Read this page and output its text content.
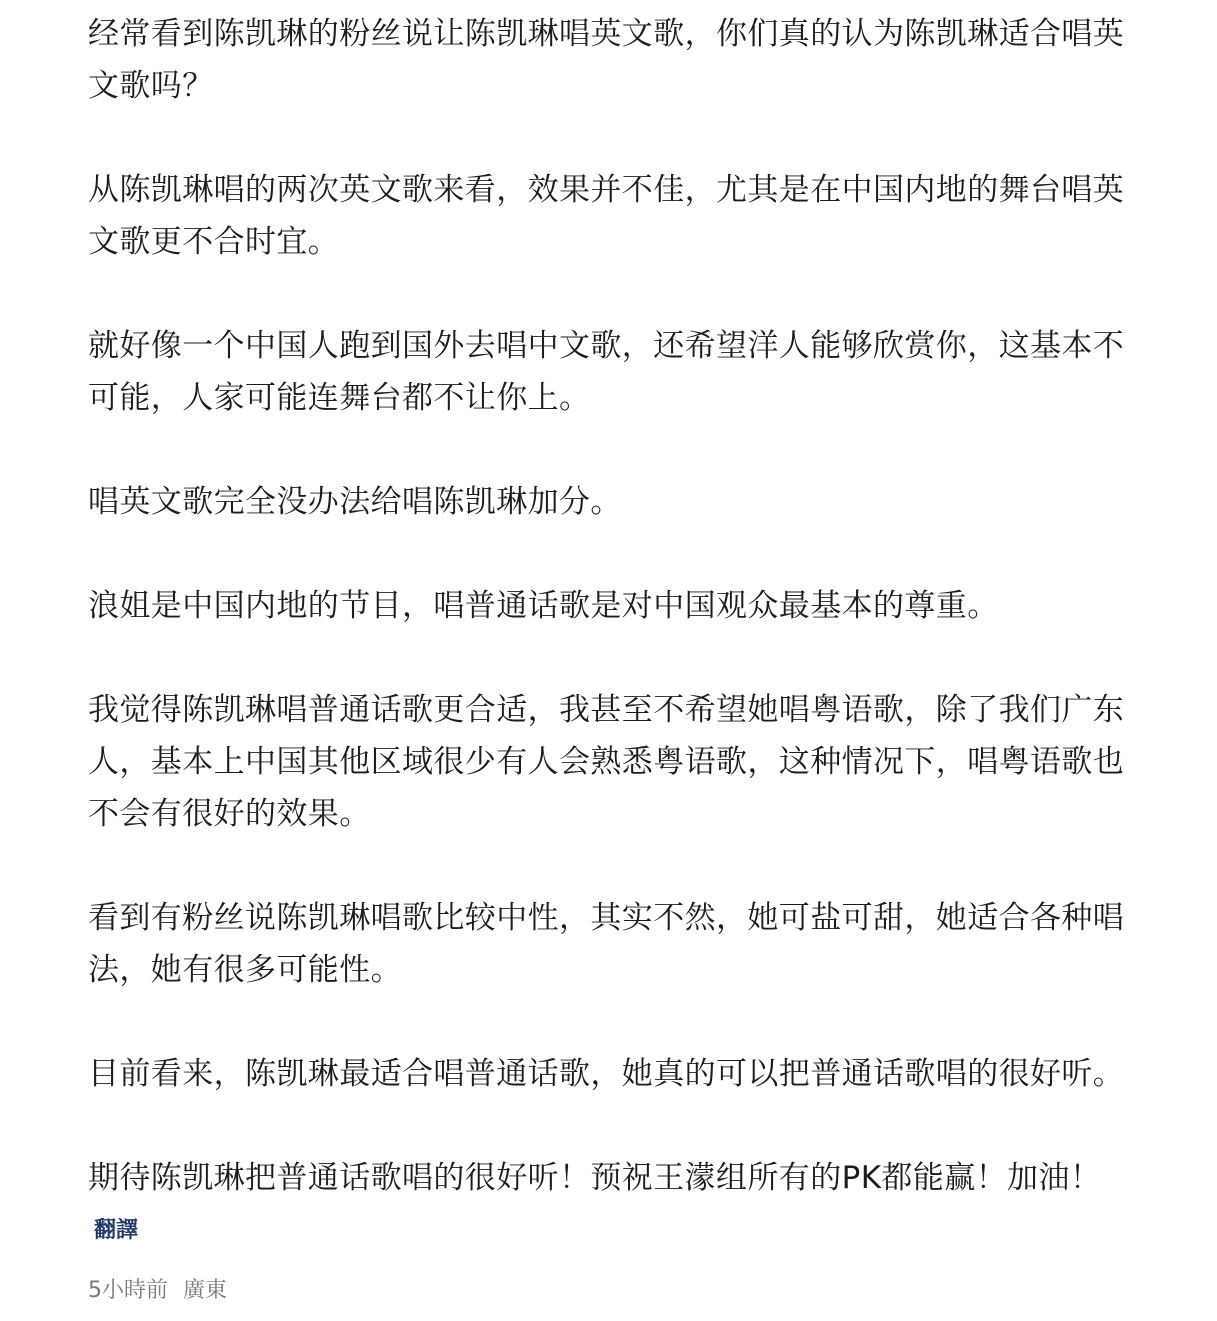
经常看到陈凯琳的粉丝说让陈凯琳唱英文歌，你们真的认为陈凯琳适合唱英文歌吗？

从陈凯琳唱的两次英文歌来看，效果并不佳，尤其是在中国内地的舞台唱英文歌更不合时宜。

就好像一个中国人跑到国外去唱中文歌，还希望洋人能够欣赏你，这基本不可能，人家可能连舞台都不让你上。

唱英文歌完全没办法给唱陈凯琳加分。

浪姐是中国内地的节目，唱普通话歌是对中国观众最基本的尊重。

我觉得陈凯琳唱普通话歌更合适，我甚至不希望她唱粤语歌，除了我们广东人，基本上中国其他区域很少有人会熟悉粤语歌，这种情况下，唱粤语歌也不会有很好的效果。

看到有粉丝说陈凯琳唱歌比较中性，其实不然，她可盐可甜，她适合各种唱法，她有很多可能性。

目前看来，陈凯琳最适合唱普通话歌，她真的可以把普通话歌唱的很好听。

期待陈凯琳把普通话歌唱的很好听！预祝王濛组所有的PK都能赢！加油！

翻譯
5小時前 廣東
